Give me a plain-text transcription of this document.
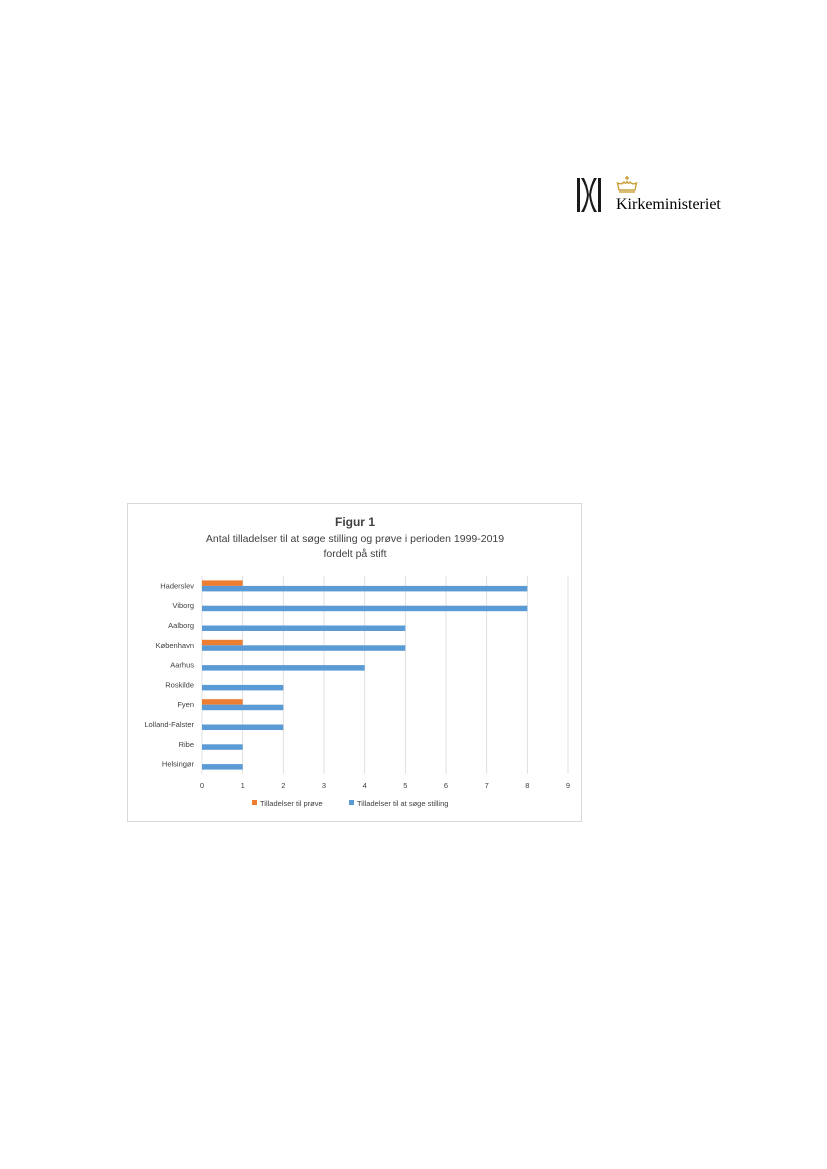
Kirkeministeriet
Figur 1
Antal tilladelser til at søge stilling og prøve i perioden 1999-2019
fordelt på stift
Haderslev
Viborg
Aalborg
København
Aarhus
Roskilde
Fyen
Lolland-Falster
Ribe
Helsingør
0	1	2	3	4	5	6	7	8	9
Tilladelser til prøve	Tilladelser til at søge stilling
